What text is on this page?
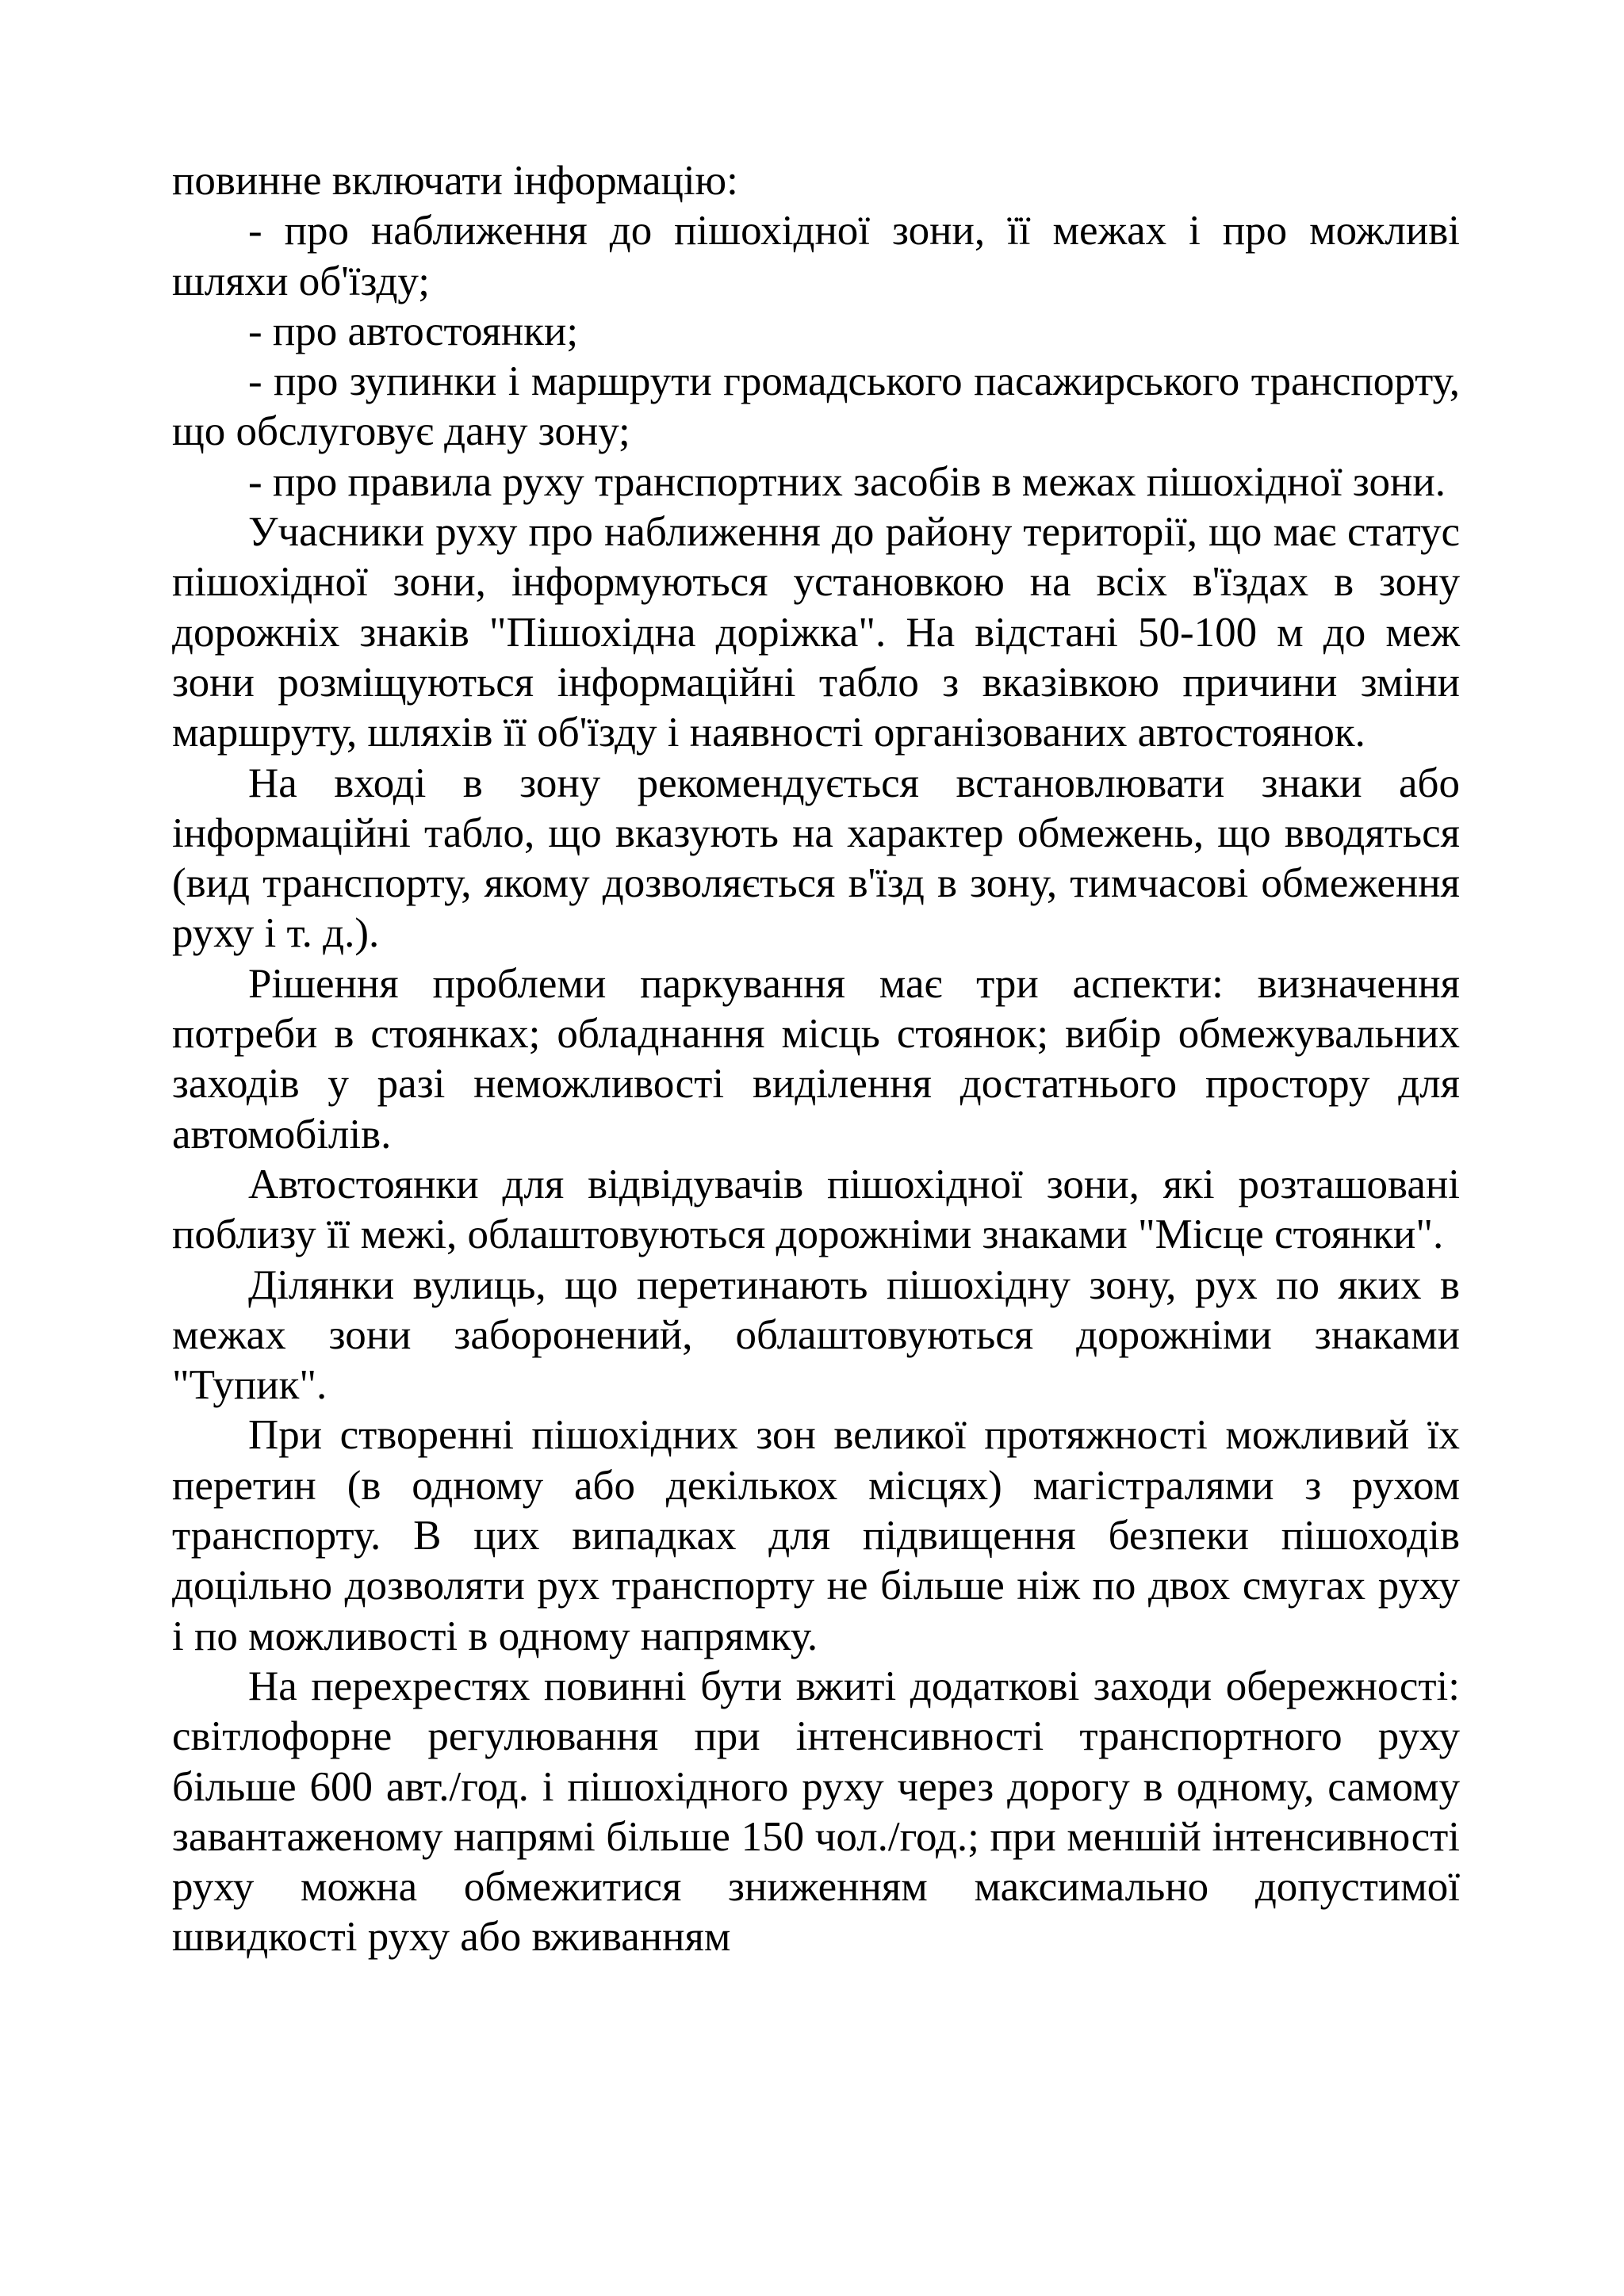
повинне включати інформацію:

- про наближення до пішохідної зони, її межах і про можливі шляхи об'їзду;

- про автостоянки;

- про зупинки і маршрути громадського пасажирського транспорту, що обслуговує дану зону;

- про правила руху транспортних засобів в межах пішохідної зони.

Учасники руху про наближення до району території, що має статус пішохідної зони, інформуються установкою на всіх в'їздах в зону дорожніх знаків "Пішохідна доріжка". На відстані 50-100 м до меж зони розміщуються інформаційні табло з вказівкою причини зміни маршруту, шляхів її об'їзду і наявності організованих автостоянок.

На вході в зону рекомендується встановлювати знаки або інформаційні табло, що вказують на характер обмежень, що вводяться (вид транспорту, якому дозволяється в'їзд в зону, тимчасові обмеження руху і т. д.).

Рішення проблеми паркування має три аспекти: визначення потреби в стоянках; обладнання місць стоянок; вибір обмежувальних заходів у разі неможливості виділення достатнього простору для автомобілів.

Автостоянки для відвідувачів пішохідної зони, які розташовані поблизу її межі, облаштовуються дорожніми знаками "Місце стоянки".

Ділянки вулиць, що перетинають пішохідну зону, рух по яких в межах зони заборонений, облаштовуються дорожніми знаками "Тупик".

При створенні пішохідних зон великої протяжності можливий їх перетин (в одному або декількох місцях) магістралями з рухом транспорту. В цих випадках для підвищення безпеки пішоходів доцільно дозволяти рух транспорту не більше ніж по двох смугах руху і по можливості в одному напрямку.

На перехрестях повинні бути вжиті додаткові заходи обережності: світлофорне регулювання при інтенсивності транспортного руху більше 600 авт./год. і пішохідного руху через дорогу в одному, самому завантаженому напрямі більше 150 чол./год.; при меншій інтенсивності руху можна обмежитися зниженням максимально допустимої швидкості руху або вживанням
